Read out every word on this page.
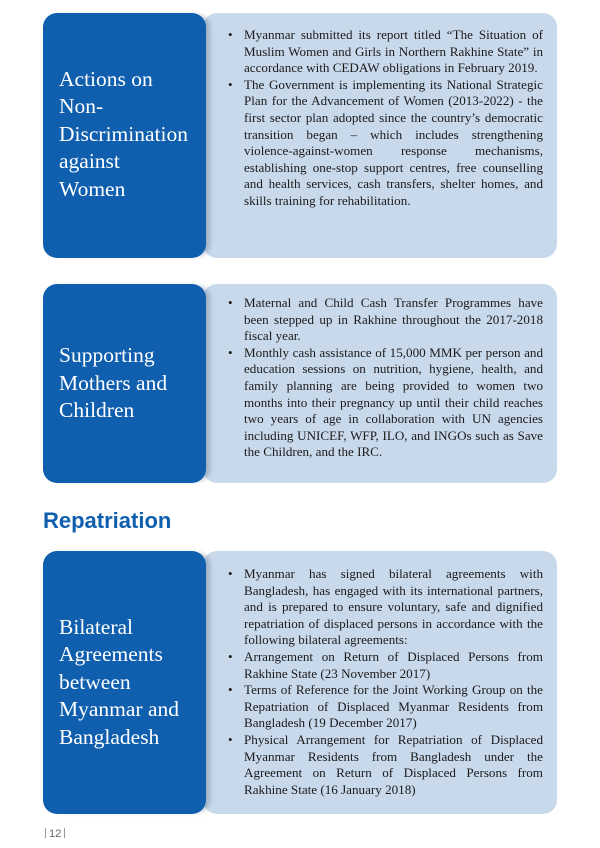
Actions on
Non-
Discrimination
against
Women
• Myanmar submitted its report titled “The Situation of Muslim Women and Girls in Northern Rakhine State” in accordance with CEDAW obligations in February 2019.
• The Government is implementing its National Strategic Plan for the Advancement of Women (2013-2022) - the first sector plan adopted since the country’s democratic transition began – which includes strengthening violence-against-women response mechanisms, establishing one-stop support centres, free counselling and health services, cash transfers, shelter homes, and skills training for rehabilitation.
Supporting
Mothers and
Children
• Maternal and Child Cash Transfer Programmes have been stepped up in Rakhine throughout the 2017-2018 fiscal year.
• Monthly cash assistance of 15,000 MMK per person and education sessions on nutrition, hygiene, health, and family planning are being provided to women two months into their pregnancy up until their child reaches two years of age in collaboration with UN agencies including UNICEF, WFP, ILO, and INGOs such as Save the Children, and the IRC.
Repatriation
Bilateral
Agreements
between
Myanmar and
Bangladesh
• Myanmar has signed bilateral agreements with Bangladesh, has engaged with its international partners, and is prepared to ensure voluntary, safe and dignified repatriation of displaced persons in accordance with the following bilateral agreements:
• Arrangement on Return of Displaced Persons from Rakhine State (23 November 2017)
• Terms of Reference for the Joint Working Group on the Repatriation of Displaced Myanmar Residents from Bangladesh (19 December 2017)
• Physical Arrangement for Repatriation of Displaced Myanmar Residents from Bangladesh under the Agreement on Return of Displaced Persons from Rakhine State (16 January 2018)
12
